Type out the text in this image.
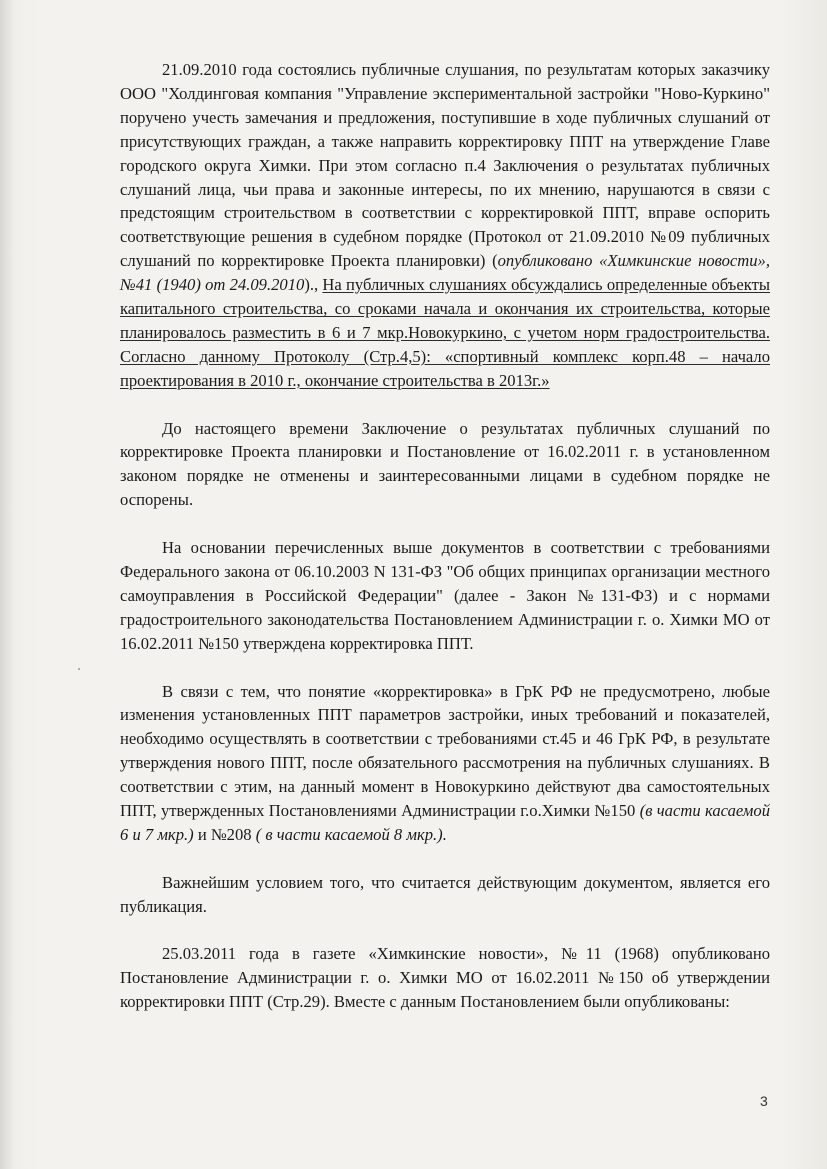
21.09.2010 года состоялись публичные слушания, по результатам которых заказчику ООО "Холдинговая компания "Управление экспериментальной застройки "Ново-Куркино" поручено учесть замечания и предложения, поступившие в ходе публичных слушаний от присутствующих граждан, а также направить корректировку ППТ на утверждение Главе городского округа Химки. При этом согласно п.4 Заключения о результатах публичных слушаний лица, чьи права и законные интересы, по их мнению, нарушаются в связи с предстоящим строительством в соответствии с корректировкой ППТ, вправе оспорить соответствующие решения в судебном порядке (Протокол от 21.09.2010 №09 публичных слушаний по корректировке Проекта планировки) (опубликовано «Химкинские новости», №41 (1940) от 24.09.2010)., На публичных слушаниях обсуждались определенные объекты капитального строительства, со сроками начала и окончания их строительства, которые планировалось разместить в 6 и 7 мкр.Новокуркино, с учетом норм градостроительства. Согласно данному Протоколу (Стр.4,5): «спортивный комплекс корп.48 – начало проектирования в 2010 г., окончание строительства в 2013г.»

До настоящего времени Заключение о результатах публичных слушаний по корректировке Проекта планировки и Постановление от 16.02.2011 г. в установленном законом порядке не отменены и заинтересованными лицами в судебном порядке не оспорены.

На основании перечисленных выше документов в соответствии с требованиями Федерального закона от 06.10.2003 N 131-ФЗ "Об общих принципах организации местного самоуправления в Российской Федерации" (далее - Закон №131-ФЗ) и с нормами градостроительного законодательства Постановлением Администрации г. о. Химки МО от 16.02.2011 №150 утверждена корректировка ППТ.

В связи с тем, что понятие «корректировка» в ГрК РФ не предусмотрено, любые изменения установленных ППТ параметров застройки, иных требований и показателей, необходимо осуществлять в соответствии с требованиями ст.45 и 46 ГрК РФ, в результате утверждения нового ППТ, после обязательного рассмотрения на публичных слушаниях. В соответствии с этим, на данный момент в Новокуркино действуют два самостоятельных ППТ, утвержденных Постановлениями Администрации г.о.Химки №150 (в части касаемой 6 и 7 мкр.) и №208 ( в части касаемой 8 мкр.).

Важнейшим условием того, что считается действующим документом, является его публикация.

25.03.2011 года в газете «Химкинские новости», №11 (1968) опубликовано Постановление Администрации г. о. Химки МО от 16.02.2011 №150 об утверждении корректировки ППТ (Стр.29). Вместе с данным Постановлением были опубликованы:

3
